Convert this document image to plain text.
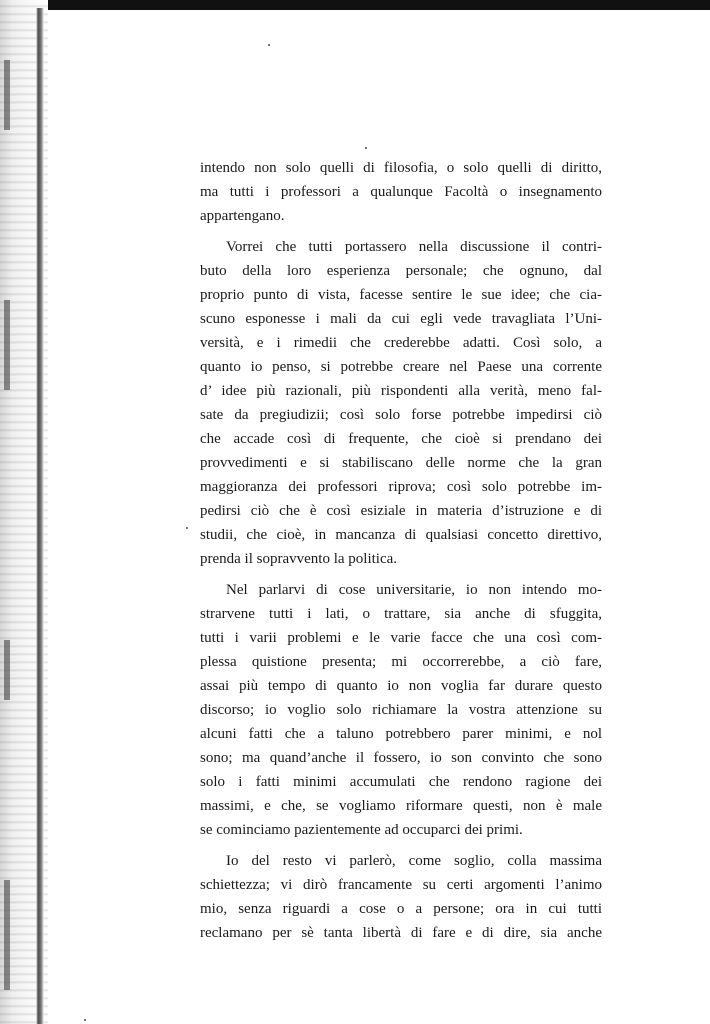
intendo non solo quelli di filosofia, o solo quelli di diritto,
ma tutti i professori a qualunque Facoltà o insegnamento
appartengano.
Vorrei che tutti portassero nella discussione il contri-
buto della loro esperienza personale; che ognuno, dal
proprio punto di vista, facesse sentire le sue idee; che cia-
scuno esponesse i mali da cui egli vede travagliata l’Uni-
versità, e i rimedii che crederebbe adatti. Così solo, a
quanto io penso, si potrebbe creare nel Paese una corrente
d’ idee più razionali, più rispondenti alla verità, meno fal-
sate da pregiudizii; così solo forse potrebbe impedirsi ciò
che accade così di frequente, che cioè si prendano dei
provvedimenti e si stabiliscano delle norme che la gran
maggioranza dei professori riprova; così solo potrebbe im-
pedirsi ciò che è così esiziale in materia d’istruzione e di
studii, che cioè, in mancanza di qualsiasi concetto direttivo,
prenda il sopravvento la politica.
Nel parlarvi di cose universitarie, io non intendo mo-
strarvene tutti i lati, o trattare, sia anche di sfuggita,
tutti i varii problemi e le varie facce che una così com-
plessa quistione presenta; mi occorrerebbe, a ciò fare,
assai più tempo di quanto io non voglia far durare questo
discorso; io voglio solo richiamare la vostra attenzione su
alcuni fatti che a taluno potrebbero parer minimi, e nol
sono; ma quand’anche il fossero, io son convinto che sono
solo i fatti minimi accumulati che rendono ragione dei
massimi, e che, se vogliamo riformare questi, non è male
se cominciamo pazientemente ad occuparci dei primi.
Io del resto vi parlerò, come soglio, colla massima
schiettezza; vi dirò francamente su certi argomenti l’animo
mio, senza riguardi a cose o a persone; ora in cui tutti
reclamano per sè tanta libertà di fare e di dire, sia anche
